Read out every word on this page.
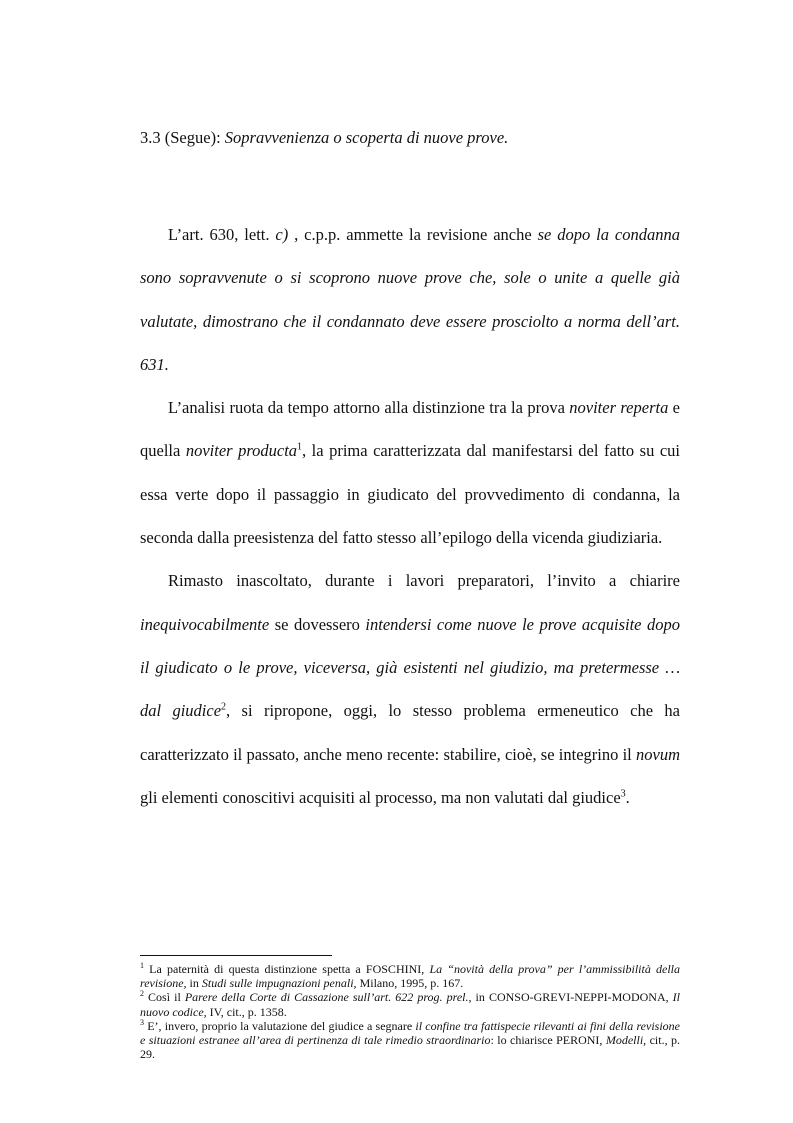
3.3 (Segue): Sopravvenienza o scoperta di nuove prove.

L’art. 630, lett. c) , c.p.p. ammette la revisione anche se dopo la condanna sono sopravvenute o si scoprono nuove prove che, sole o unite a quelle già valutate, dimostrano che il condannato deve essere prosciolto a norma dell’art. 631.

L’analisi ruota da tempo attorno alla distinzione tra la prova noviter reperta e quella noviter producta$^1$, la prima caratterizzata dal manifestarsi del fatto su cui essa verte dopo il passaggio in giudicato del provvedimento di condanna, la seconda dalla preesistenza del fatto stesso all’epilogo della vicenda giudiziaria.

Rimasto inascoltato, durante i lavori preparatori, l’invito a chiarire inequivocabilmente se dovessero intendersi come nuove le prove acquisite dopo il giudicato o le prove, viceversa, già esistenti nel giudizio, ma pretermesse … dal giudice$^2$, si ripropone, oggi, lo stesso problema ermeneutico che ha caratterizzato il passato, anche meno recente: stabilire, cioè, se integrino il novum gli elementi conoscitivi acquisiti al processo, ma non valutati dal giudice$^3$.

$^1$ La paternità di questa distinzione spetta a FOSCHINI, La “novità della prova” per l’ammissibilità della revisione, in Studi sulle impugnazioni penali, Milano, 1995, p. 167.

$^2$ Così il Parere della Corte di Cassazione sull’art. 622 prog. prel., in CONSO-GREVI-NEPPI-MODONA, Il nuovo codice, IV, cit., p. 1358.

$^3$ E’, invero, proprio la valutazione del giudice a segnare il confine tra fattispecie rilevanti ai fini della revisione e situazioni estranee all’area di pertinenza di tale rimedio straordinario: lo chiarisce PERONI, Modelli, cit., p. 29.
